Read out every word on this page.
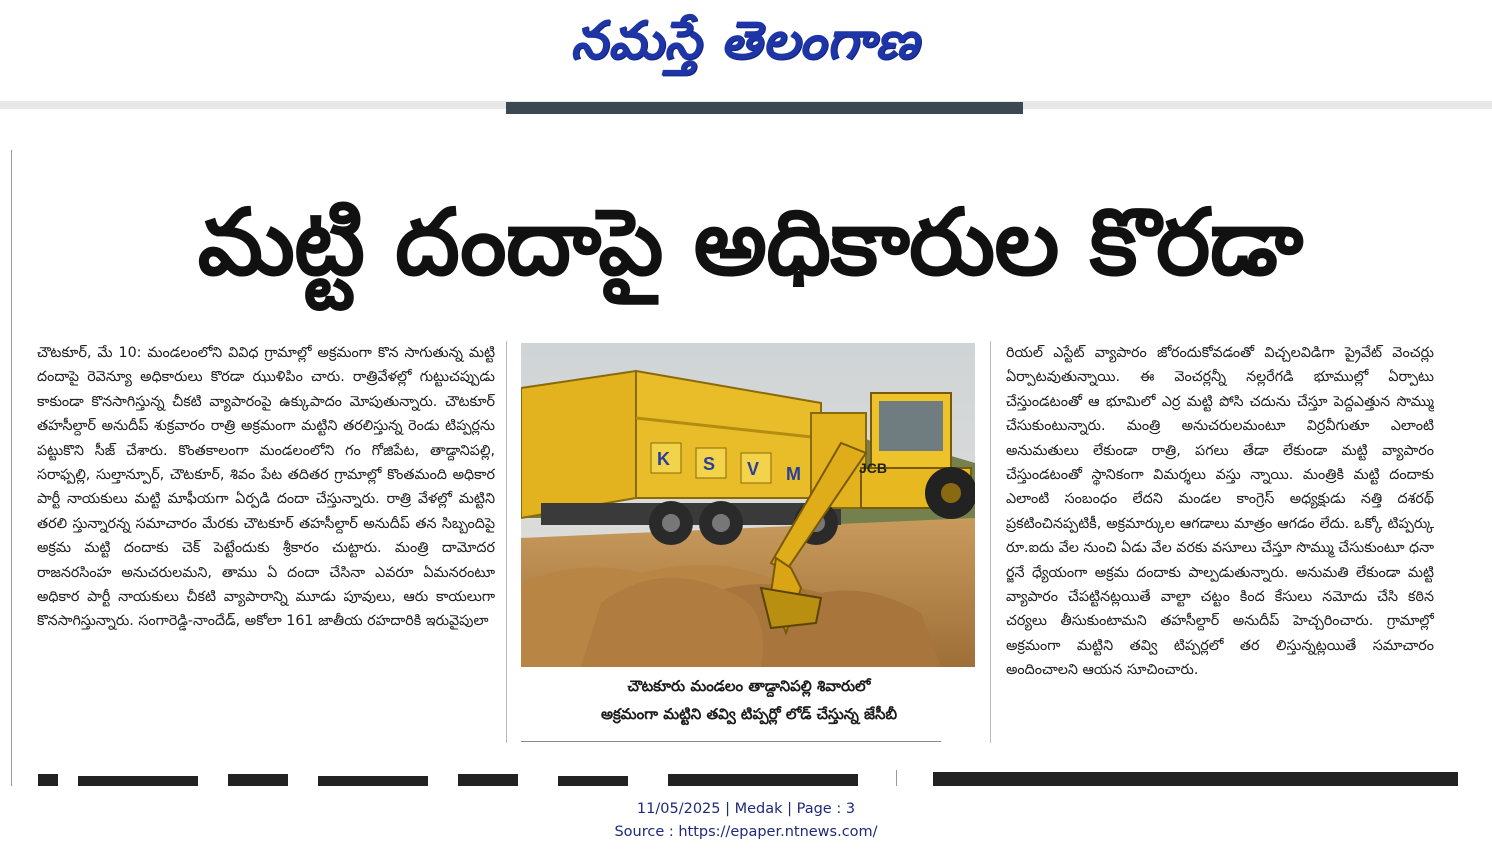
నమస్తే తెలంగాణ
మట్టి దందాపై అధికారుల కొరడా
చౌటకూర్, మే 10: మండలంలోని వివిధ గ్రామాల్లో అక్రమంగా కొన సాగుతున్న మట్టి దందాపై రెవెన్యూ అధికారులు కొరడా ఝుళిపిం చారు. రాత్రివేళల్లో గుట్టుచప్పుడు కాకుండా కొనసాగిస్తున్న చీకటి వ్యాపారంపై ఉక్కుపాదం మోపుతున్నారు. చౌటకూర్ తహసీల్దార్ అనుదీప్ శుక్రవారం రాత్రి అక్రమంగా మట్టిని తరలిస్తున్న రెండు టిప్పర్లను పట్టుకొని సీజ్ చేశారు. కొంతకాలంగా మండలంలోని గం గోజిపేట, తాడ్దానిపల్లి, సరాఫ్పల్లి, సుల్తాన్పూర్, చౌటకూర్, శివం పేట తదితర గ్రామాల్లో కొంతమంది అధికార పార్టీ నాయకులు మట్టి మాఫీయగా ఏర్పడి దందా చేస్తున్నారు. రాత్రి వేళల్లో మట్టిని తరలి స్తున్నారన్న సమాచారం మేరకు చౌటకూర్ తహసీల్దార్ అనుదీప్ తన సిబ్బందిపై అక్రమ మట్టి దందాకు చెక్ పెట్టేందుకు శ్రీకారం చుట్టారు. మంత్రి దామోదర రాజనరసింహ అనుచరులమని, తాము ఏ దందా చేసినా ఎవరూ ఏమనరంటూ అధికార పార్టీ నాయకులు చీకటి వ్యాపారాన్ని మూడు పూవులు, ఆరు కాయలుగా కొనసాగిస్తున్నారు. సంగారెడ్డి-నాందేడ్, అకోలా 161 జాతీయ రహదారికి ఇరువైపులా
K S V M	JCB
చౌటకూరు మండలం తాడ్దానిపల్లి శివారులో
అక్రమంగా మట్టిని తవ్వి టిప్పర్లో లోడ్ చేస్తున్న జేసీబీ
రియల్ ఎస్టేట్ వ్యాపారం జోరందుకోవడంతో విచ్చలవిడిగా ప్రైవేట్ వెంచర్లు ఏర్పాటవుతున్నాయి. ఈ వెంచర్లన్నీ నల్లరేగడి భూముల్లో ఏర్పాటు చేస్తుండటంతో ఆ భూమిలో ఎర్ర మట్టి పోసి చదును చేస్తూ పెద్దఎత్తున సొమ్ము చేసుకుంటున్నారు. మంత్రి అనుచరులమంటూ విర్రవీగుతూ ఎలాంటి అనుమతులు లేకుండా రాత్రి, పగలు తేడా లేకుండా మట్టి వ్యాపారం చేస్తుండటంతో స్థానికంగా విమర్శలు వస్తు న్నాయి. మంత్రికి మట్టి దందాకు ఎలాంటి సంబంధం లేదని మండల కాంగ్రెస్ అధ్యక్షుడు నత్తి దశరథ్ ప్రకటించినప్పటికీ, అక్రమార్కుల ఆగడాలు మాత్రం ఆగడం లేదు. ఒక్కో టిప్పర్కు రూ.ఐదు వేల నుంచి ఏడు వేల వరకు వసూలు చేస్తూ సొమ్ము చేసుకుంటూ ధనా ర్జనే ధ్యేయంగా అక్రమ దందాకు పాల్పడుతున్నారు. అనుమతి లేకుండా మట్టి వ్యాపారం చేపట్టినట్లయితే వాల్టా చట్టం కింద కేసులు నమోదు చేసి కఠిన చర్యలు తీసుకుంటామని తహసీల్దార్ అనుదీప్ హెచ్చరించారు. గ్రామాల్లో అక్రమంగా మట్టిని తవ్వి టిప్పర్లలో తర లిస్తున్నట్లయితే సమాచారం అందించాలని ఆయన సూచించారు.
11/05/2025 | Medak | Page : 3
Source : https://epaper.ntnews.com/
